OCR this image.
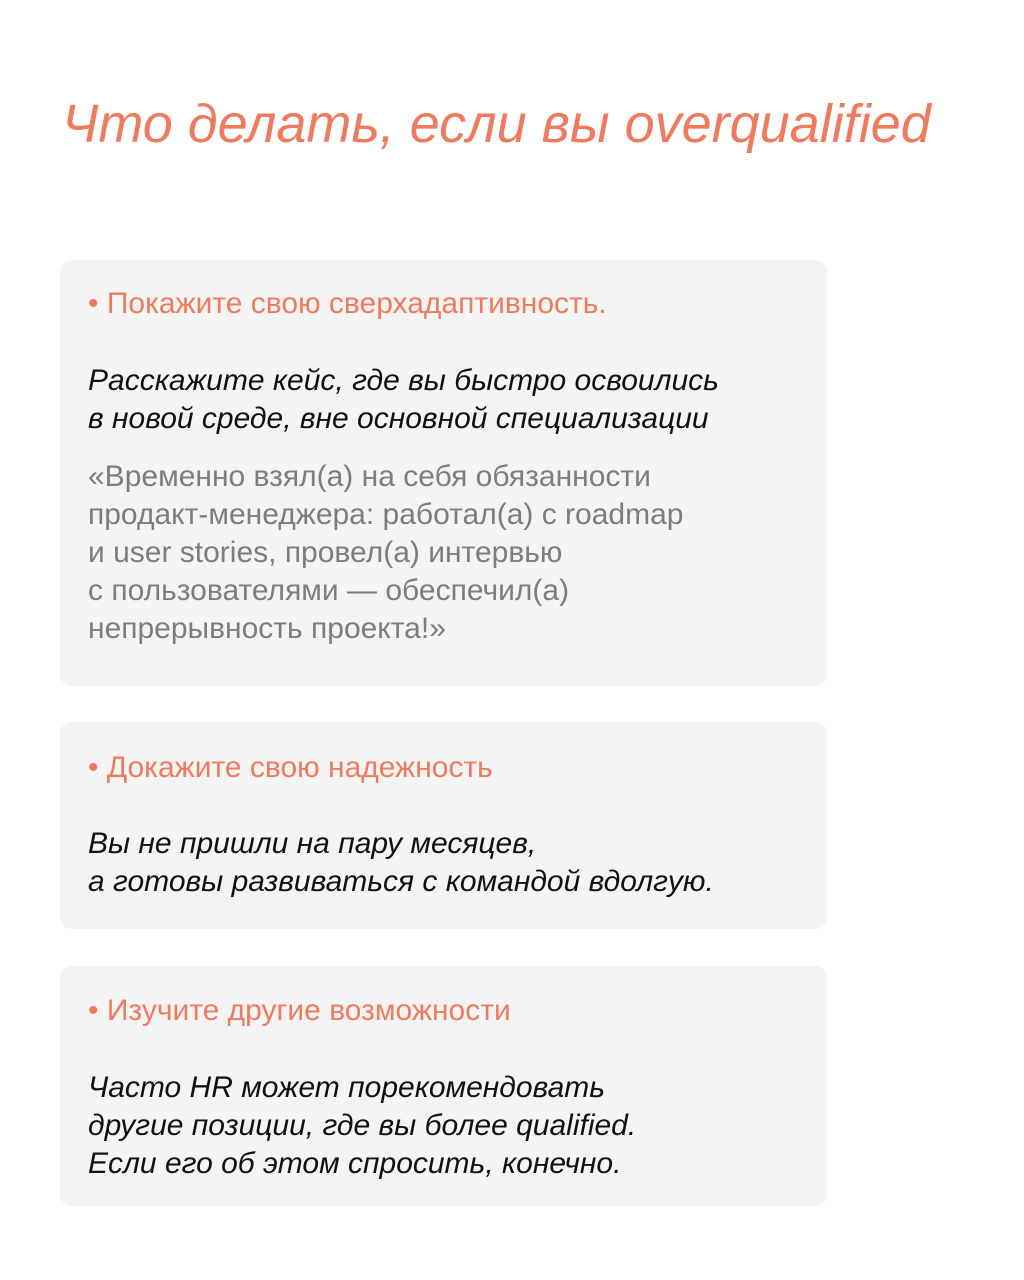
Что делать, если вы overqualified
• Покажите свою сверхадаптивность.

Расскажите кейс, где вы быстро освоились
в новой среде, вне основной специализации

«Временно взял(а) на себя обязанности
продакт-менеджера: работал(а) с roadmap
и user stories, провел(а) интервью
с пользователями — обеспечил(а)
непрерывность проекта!»

• Докажите свою надежность

Вы не пришли на пару месяцев,
а готовы развиваться с командой вдолгую.

• Изучите другие возможности

Часто HR может порекомендовать
другие позиции, где вы более qualified.
Если его об этом спросить, конечно.
